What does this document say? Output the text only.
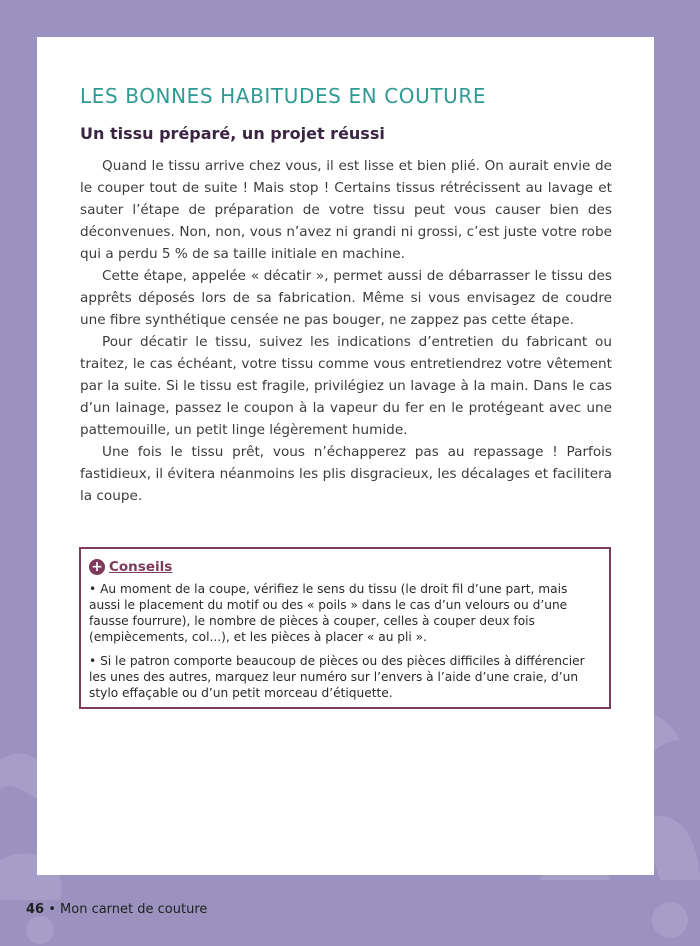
LES BONNES HABITUDES EN COUTURE
Un tissu préparé, un projet réussi

Quand le tissu arrive chez vous, il est lisse et bien plié. On aurait envie de le couper tout de suite ! Mais stop ! Certains tissus rétrécissent au lavage et sauter l’étape de préparation de votre tissu peut vous causer bien des déconvenues. Non, non, vous n’avez ni grandi ni grossi, c’est juste votre robe qui a perdu 5 % de sa taille initiale en machine.

Cette étape, appelée « décatir », permet aussi de débarrasser le tissu des apprêts déposés lors de sa fabrication. Même si vous envisagez de coudre une fibre synthétique censée ne pas bouger, ne zappez pas cette étape.

Pour décatir le tissu, suivez les indications d’entretien du fabricant ou traitez, le cas échéant, votre tissu comme vous entretiendrez votre vêtement par la suite. Si le tissu est fragile, privilégiez un lavage à la main. Dans le cas d’un lainage, passez le coupon à la vapeur du fer en le protégeant avec une pattemouille, un petit linge légèrement humide.

Une fois le tissu prêt, vous n’échapperez pas au repassage ! Parfois fastidieux, il évitera néanmoins les plis disgracieux, les décalages et facilitera la coupe.

+ Conseils

• Au moment de la coupe, vérifiez le sens du tissu (le droit fil d’une part, mais aussi le placement du motif ou des « poils » dans le cas d’un velours ou d’une fausse fourrure), le nombre de pièces à couper, celles à couper deux fois (empiècements, col...), et les pièces à placer « au pli ».

• Si le patron comporte beaucoup de pièces ou des pièces difficiles à différencier les unes des autres, marquez leur numéro sur l’envers à l’aide d’une craie, d’un stylo effaçable ou d’un petit morceau d’étiquette.

46 • Mon carnet de couture
